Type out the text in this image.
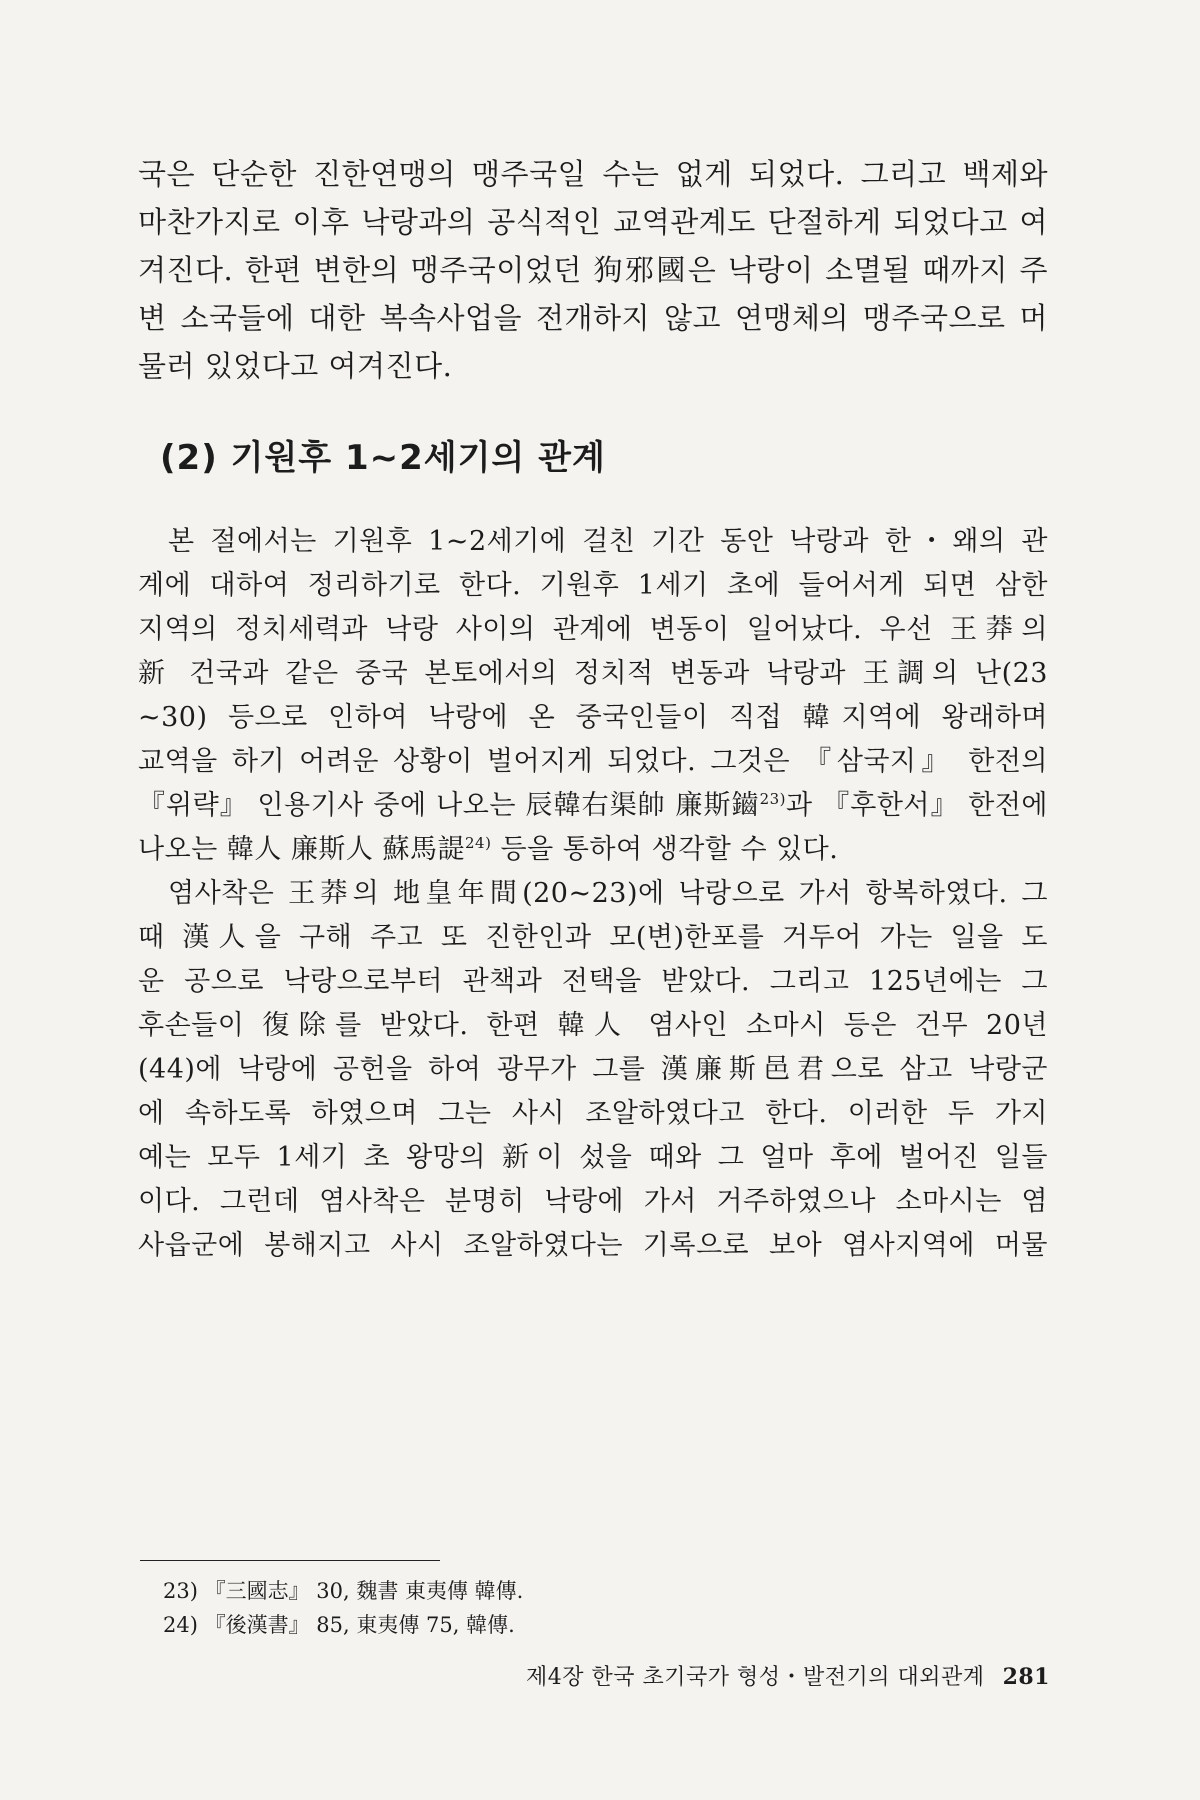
국은 단순한 진한연맹의 맹주국일 수는 없게 되었다. 그리고 백제와

마찬가지로 이후 낙랑과의 공식적인 교역관계도 단절하게 되었다고 여

겨진다. 한편 변한의 맹주국이었던 狗邪國은 낙랑이 소멸될 때까지 주

변 소국들에 대한 복속사업을 전개하지 않고 연맹체의 맹주국으로 머

물러 있었다고 여겨진다.

(2) 기원후 1~2세기의 관계

본 절에서는 기원후 1~2세기에 걸친 기간 동안 낙랑과 한・왜의 관

계에 대하여 정리하기로 한다. 기원후 1세기 초에 들어서게 되면 삼한

지역의 정치세력과 낙랑 사이의 관계에 변동이 일어났다. 우선 王莽의

新 건국과 같은 중국 본토에서의 정치적 변동과 낙랑과 王調의 난(23

~30) 등으로 인하여 낙랑에 온 중국인들이 직접 韓지역에 왕래하며

교역을 하기 어려운 상황이 벌어지게 되었다. 그것은 『삼국지』 한전의

『위략』 인용기사 중에 나오는 辰韓右渠帥 廉斯鑡$^{23)}$과 『후한서』 한전에

나오는 韓人 廉斯人 蘇馬諟$^{24)}$ 등을 통하여 생각할 수 있다.

염사착은 王莽의 地皇年間(20~23)에 낙랑으로 가서 항복하였다. 그

때 漢人을 구해 주고 또 진한인과 모(변)한포를 거두어 가는 일을 도

운 공으로 낙랑으로부터 관책과 전택을 받았다. 그리고 125년에는 그

후손들이 復除를 받았다. 한편 韓人 염사인 소마시 등은 건무 20년

(44)에 낙랑에 공헌을 하여 광무가 그를 漢廉斯邑君으로 삼고 낙랑군

에 속하도록 하였으며 그는 사시 조알하였다고 한다. 이러한 두 가지

예는 모두 1세기 초 왕망의 新이 섰을 때와 그 얼마 후에 벌어진 일들

이다. 그런데 염사착은 분명히 낙랑에 가서 거주하였으나 소마시는 염

사읍군에 봉해지고 사시 조알하였다는 기록으로 보아 염사지역에 머물

23) 『三國志』 30, 魏書 東夷傳 韓傳.

24) 『後漢書』 85, 東夷傳 75, 韓傳.

제4장 한국 초기국가 형성・발전기의 대외관계 281
